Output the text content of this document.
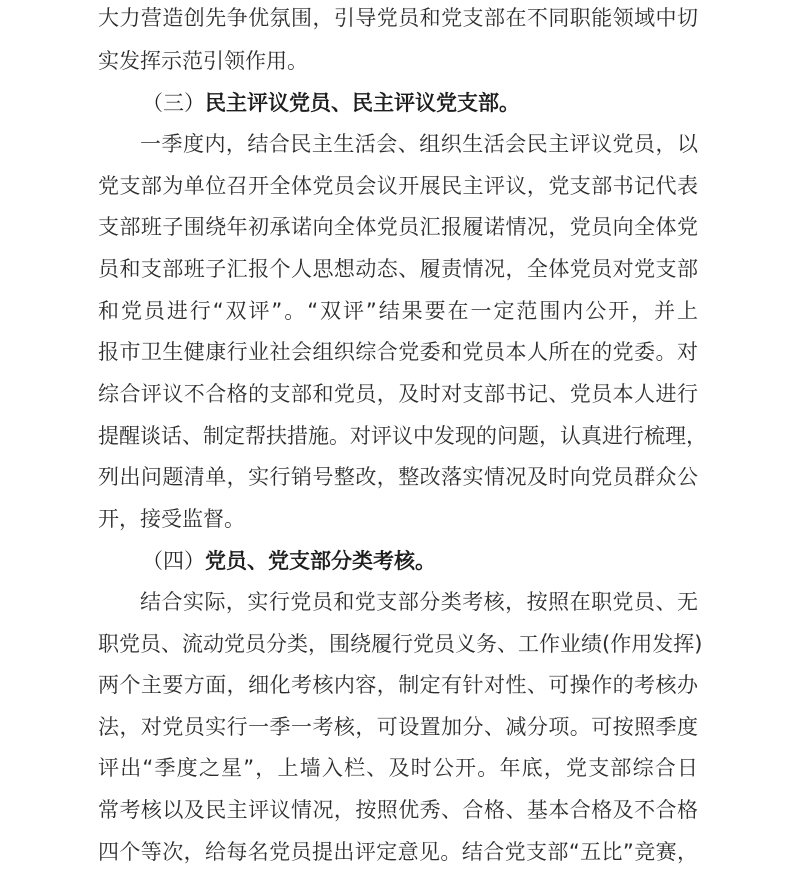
大力营造创先争优氛围，引导党员和党支部在不同职能领域中切
实发挥示范引领作用。
（三）民主评议党员、民主评议党支部。
一季度内，结合民主生活会、组织生活会民主评议党员，以
党支部为单位召开全体党员会议开展民主评议，党支部书记代表
支部班子围绕年初承诺向全体党员汇报履诺情况，党员向全体党
员和支部班子汇报个人思想动态、履责情况，全体党员对党支部
和党员进行“双评”。“双评”结果要在一定范围内公开，并上
报市卫生健康行业社会组织综合党委和党员本人所在的党委。对
综合评议不合格的支部和党员，及时对支部书记、党员本人进行
提醒谈话、制定帮扶措施。对评议中发现的问题，认真进行梳理，
列出问题清单，实行销号整改，整改落实情况及时向党员群众公
开，接受监督。
（四）党员、党支部分类考核。
结合实际，实行党员和党支部分类考核，按照在职党员、无
职党员、流动党员分类，围绕履行党员义务、工作业绩(作用发挥)
两个主要方面，细化考核内容，制定有针对性、可操作的考核办
法，对党员实行一季一考核，可设置加分、减分项。可按照季度
评出“季度之星”，上墙入栏、及时公开。年底，党支部综合日
常考核以及民主评议情况，按照优秀、合格、基本合格及不合格
四个等次，给每名党员提出评定意见。结合党支部“五比”竞赛，
